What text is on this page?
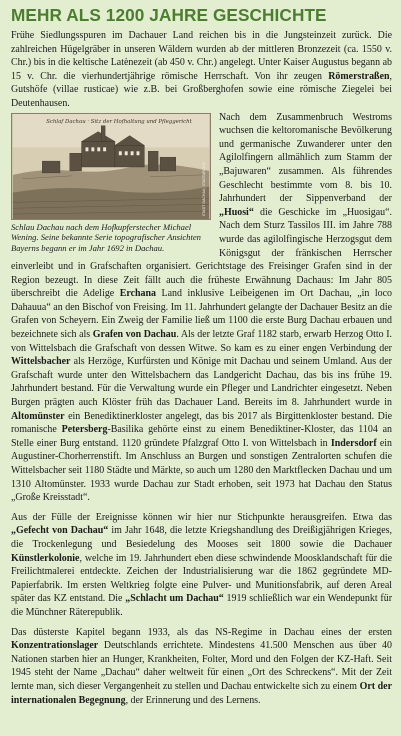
MEHR ALS 1200 JAHRE GESCHICHTE

Frühe Siedlungsspuren im Dachauer Land reichen bis in die Jungsteinzeit zurück. Die zahlreichen Hügelgräber in unseren Wäldern wurden ab der mittleren Bronzezeit (ca. 1550 v. Chr.) bis in die keltische Latènezeit (ab 450 v. Chr.) angelegt. Unter Kaiser Augustus begann ab 15 v. Chr. die vierhundertjährige römische Herrschaft. Von ihr zeugen Römerstraßen, Gutshöfe (villae rusticae) wie z.B. bei Großberghofen sowie eine römische Ziegelei bei Deutenhausen.

Schlaf Dachau · Sitz der Hofhaltung und Pfleggericht
STADT DACHAU, STADTARCHIV
Schlau Dachau nach dem Hofkupferstecher Michael Wening. Seine bekannte Serie topografischer Ansichten Bayerns begann er im Jahr 1692 in Dachau.

Nach dem Zusammenbruch Westroms wuchsen die keltoromanische Bevölkerung und germanische Zuwanderer unter den Agilolfingern allmählich zum Stamm der „Bajuwaren“ zusammen. Als führendes Geschlecht bestimmte vom 8. bis 10. Jahrhundert der Sippenverband der „Huosi“ die Geschicke im „Huosigau“. Nach dem Sturz Tassilos III. im Jahre 788 wurde das agilolfingische Herzogsgut dem Königsgut der fränkischen Herrscher einverleibt und in Grafschaften organisiert. Gerichtstage des Freisinger Grafen sind in der Region bezeugt. In diese Zeit fällt auch die früheste Erwähnung Dachaus: Im Jahr 805 überschreibt die Adelige Erchana Land inklusive Leibeigenen im Ort Dachau, „in loco Dahauua“ an den Bischof von Freising. Im 11. Jahrhundert gelangte der Dachauer Besitz an die Grafen von Scheyern. Ein Zweig der Familie ließ um 1100 die erste Burg Dachau erbauen und bezeichnete sich als Grafen von Dachau. Als der letzte Graf 1182 starb, erwarb Herzog Otto I. von Wittelsbach die Grafschaft von dessen Witwe. So kam es zu einer engen Verbindung der Wittelsbacher als Herzöge, Kurfürsten und Könige mit Dachau und seinem Umland. Aus der Grafschaft wurde unter den Wittelsbachern das Landgericht Dachau, das bis ins frühe 19. Jahrhundert bestand. Für die Verwaltung wurde ein Pfleger und Landrichter eingesetzt. Neben Burgen prägten auch Klöster früh das Dachauer Land. Bereits im 8. Jahrhundert wurde in Altomünster ein Benediktinerkloster angelegt, das bis 2017 als Birgittenkloster bestand. Die romanische Petersberg-Basilika gehörte einst zu einem Benediktiner-Kloster, das 1104 an Stelle einer Burg entstand. 1120 gründete Pfalzgraf Otto I. von Wittelsbach in Indersdorf ein Augustiner-Chorherrenstift. Im Anschluss an Burgen und sonstigen Zentralorten schufen die Wittelsbacher seit 1180 Städte und Märkte, so auch um 1280 den Marktflecken Dachau und um 1310 Altomünster. 1933 wurde Dachau zur Stadt erhoben, seit 1973 hat Dachau den Status „Große Kreisstadt“.

Aus der Fülle der Ereignisse können wir hier nur Stichpunkte herausgreifen. Etwa das „Gefecht von Dachau“ im Jahr 1648, die letzte Kriegshandlung des Dreißigjährigen Krieges, die Trockenlegung und Besiedelung des Mooses seit 1800 sowie die Dachauer Künstlerkolonie, welche im 19. Jahrhundert eben diese schwindende Moosklandschaft für die Freilichtmalerei entdeckte. Zeichen der Industrialisierung war die 1862 gegründete MD-Papierfabrik. Im ersten Weltkrieg folgte eine Pulver- und Munitionsfabrik, auf deren Areal später das KZ entstand. Die „Schlacht um Dachau“ 1919 schließlich war ein Wendepunkt für die Münchner Räterepublik.

Das düsterste Kapitel begann 1933, als das NS-Regime in Dachau eines der ersten Konzentrationslager Deutschlands errichtete. Mindestens 41.500 Menschen aus über 40 Nationen starben hier an Hunger, Krankheiten, Folter, Mord und den Folgen der KZ-Haft. Seit 1945 steht der Name „Dachau“ daher weltweit für einen „Ort des Schreckens“. Mit der Zeit lernte man, sich dieser Vergangenheit zu stellen und Dachau entwickelte sich zu einem Ort der internationalen Begegnung, der Erinnerung und des Lernens.
